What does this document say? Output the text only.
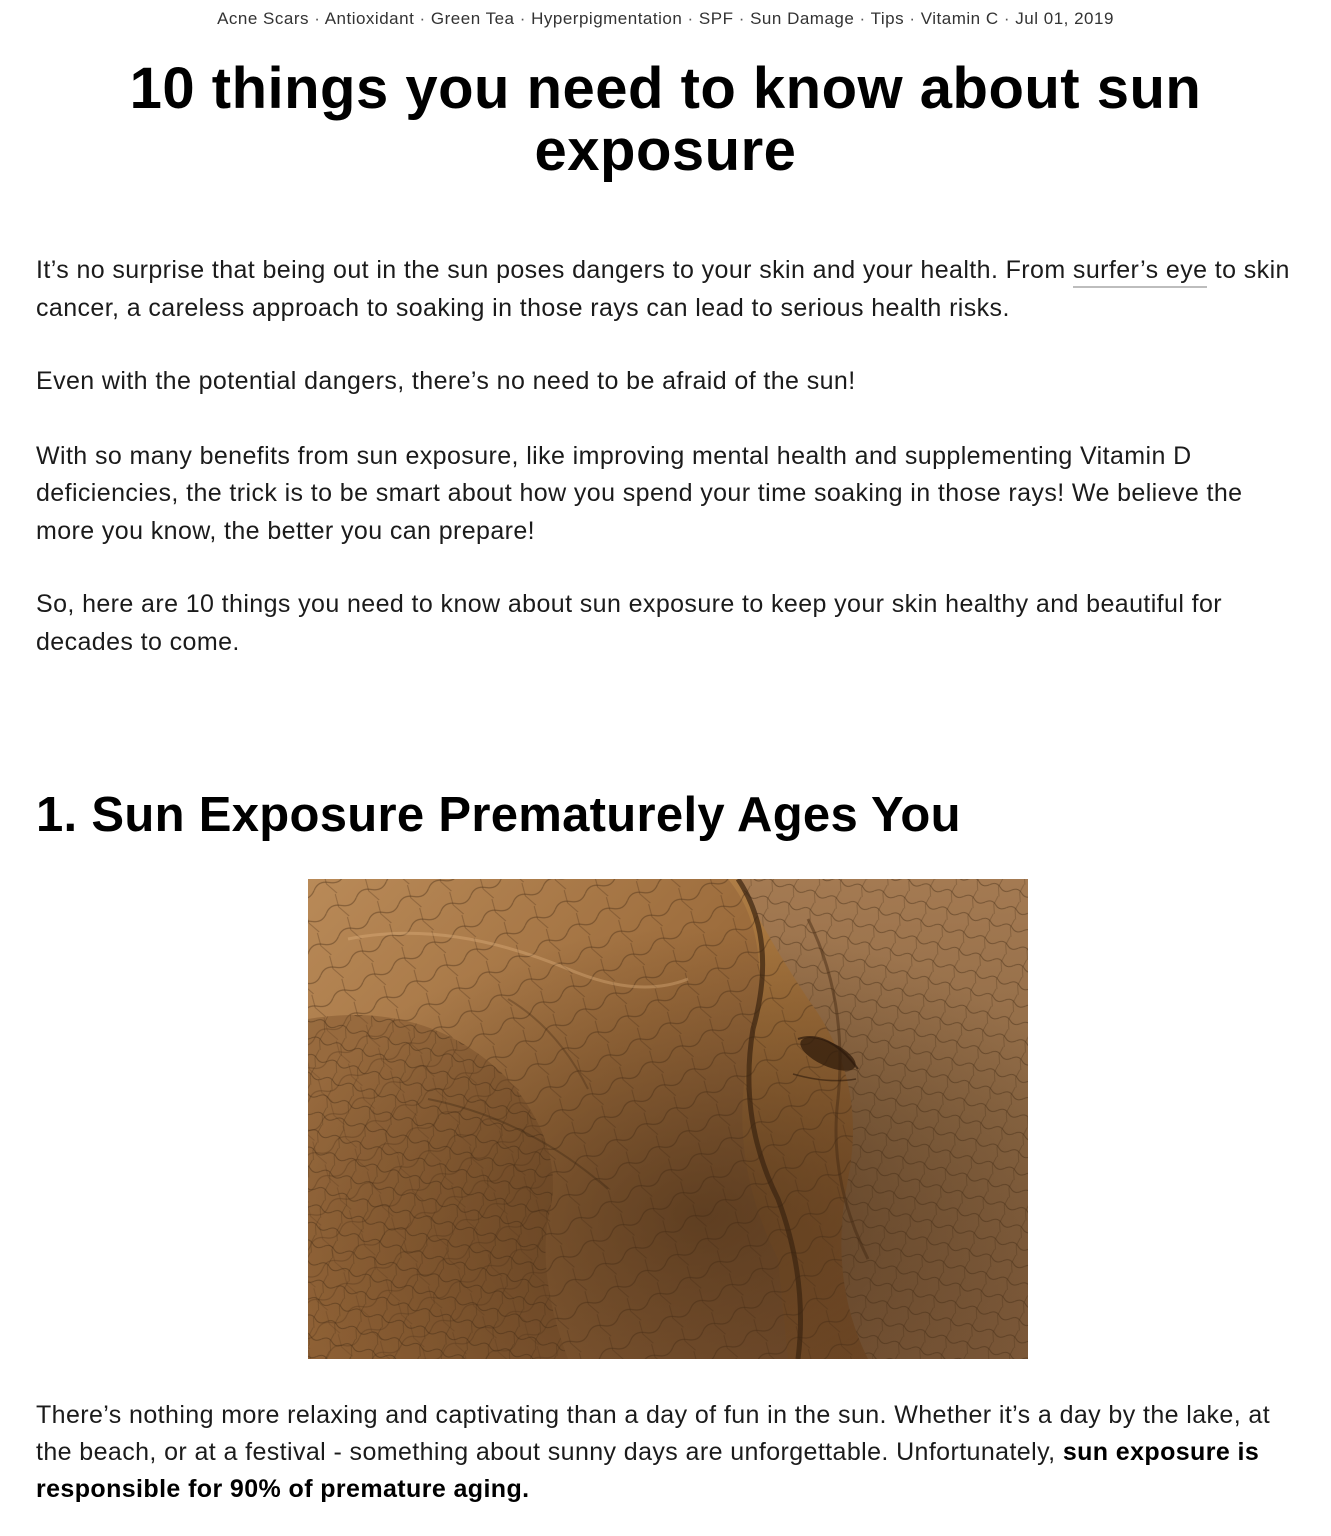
Acne Scars · Antioxidant · Green Tea · Hyperpigmentation · SPF · Sun Damage · Tips · Vitamin C · Jul 01, 2019
10 things you need to know about sun exposure

It’s no surprise that being out in the sun poses dangers to your skin and your health. From surfer’s eye to skin cancer, a careless approach to soaking in those rays can lead to serious health risks.

Even with the potential dangers, there’s no need to be afraid of the sun!

With so many benefits from sun exposure, like improving mental health and supplementing Vitamin D deficiencies, the trick is to be smart about how you spend your time soaking in those rays! We believe the more you know, the better you can prepare!

So, here are 10 things you need to know about sun exposure to keep your skin healthy and beautiful for decades to come.

1. Sun Exposure Prematurely Ages You

There’s nothing more relaxing and captivating than a day of fun in the sun. Whether it’s a day by the lake, at the beach, or at a festival - something about sunny days are unforgettable. Unfortunately, sun exposure is responsible for 90% of premature aging.
